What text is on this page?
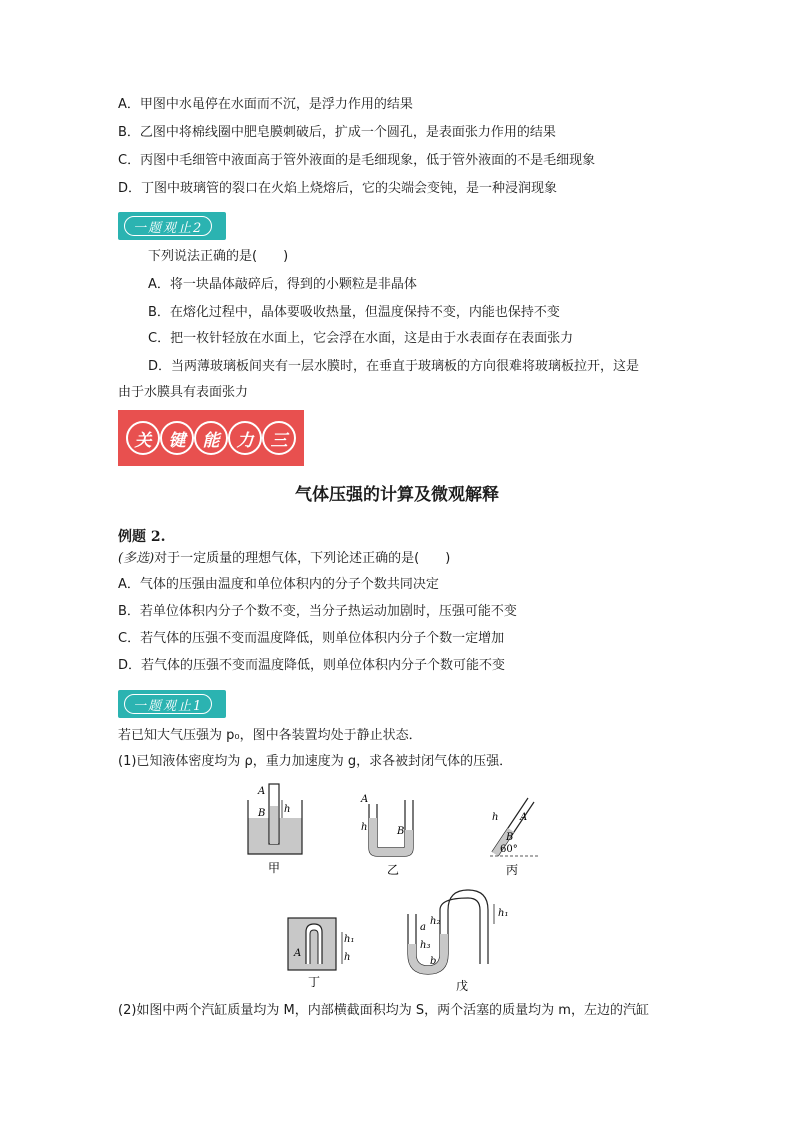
A．甲图中水黾停在水面而不沉，是浮力作用的结果
B．乙图中将棉线圈中肥皂膜刺破后，扩成一个圆孔，是表面张力作用的结果
C．丙图中毛细管中液面高于管外液面的是毛细现象，低于管外液面的不是毛细现象
D．丁图中玻璃管的裂口在火焰上烧熔后，它的尖端会变钝，是一种浸润现象
一题观止2
下列说法正确的是(　　)
A．将一块晶体敲碎后，得到的小颗粒是非晶体
B．在熔化过程中，晶体要吸收热量，但温度保持不变，内能也保持不变
C．把一枚针轻放在水面上，它会浮在水面，这是由于水表面存在表面张力
D．当两薄玻璃板间夹有一层水膜时，在垂直于玻璃板的方向很难将玻璃板拉开，这是
由于水膜具有表面张力
关	键	能	力	三
气体压强的计算及微观解释
例题 2.
(多选)对于一定质量的理想气体，下列论述正确的是(　　)
A．气体的压强由温度和单位体积内的分子个数共同决定
B．若单位体积内分子个数不变，当分子热运动加剧时，压强可能不变
C．若气体的压强不变而温度降低，则单位体积内分子个数一定增加
D．若气体的压强不变而温度降低，则单位体积内分子个数可能不变
一题观止1
若已知大气压强为 p₀，图中各装置均处于静止状态．
(1)已知液体密度均为 ρ，重力加速度为 g，求各被封闭气体的压强．
A
B h
甲
A
B
h
乙
A
B
h
60°
丙
A
h₁
h
丁
a
b
h₂
h₃
h₁
戊
(2)如图中两个汽缸质量均为 M，内部横截面积均为 S，两个活塞的质量均为 m，左边的汽缸
